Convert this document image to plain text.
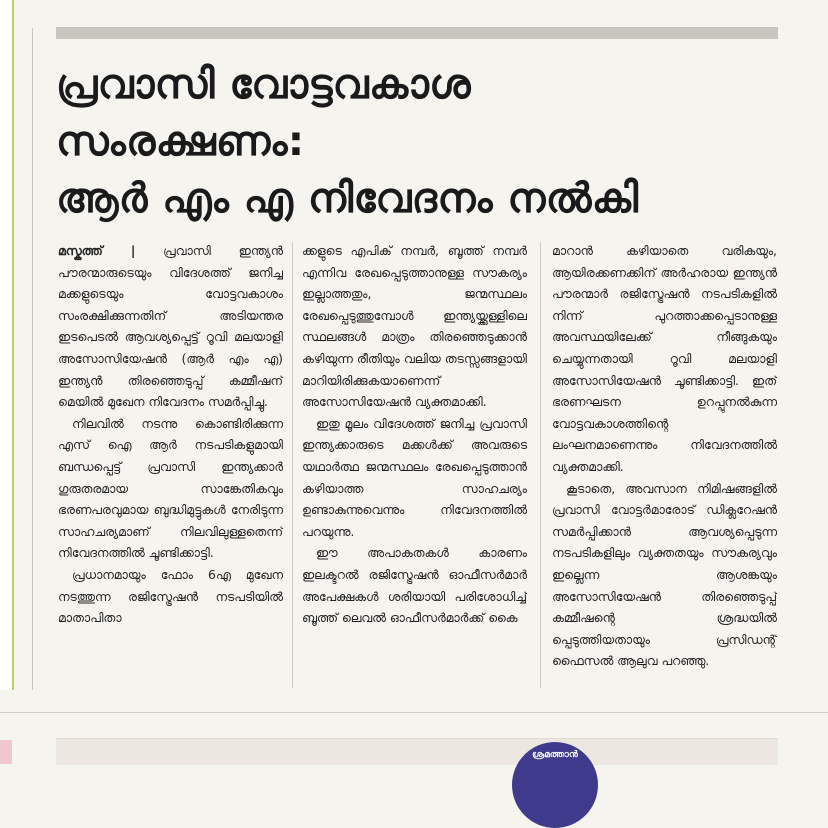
പ്രവാസി വോട്ടവകാശ
സംരക്ഷണം:
ആർ എം എ നിവേദനം നൽകി

മസ്കത്ത് | പ്രവാസി ഇന്ത്യൻ പൗരന്മാരുടെയും വിദേശത്ത് ജനിച്ച മക്കളുടെയും വോട്ടവകാശം സംരക്ഷിക്കുന്നതിന് അടിയന്തര ഇടപെടൽ ആവശ്യപ്പെട്ട് റൂവി മലയാളി അസോസിയേഷൻ (ആർ എം എ) ഇന്ത്യൻ തിരഞ്ഞെടുപ്പ് കമ്മീഷന് മെയിൽ മുഖേന നിവേദനം സമർപ്പിച്ചു.

നിലവിൽ നടന്നു കൊണ്ടിരിക്കുന്ന എസ് ഐ ആർ നടപടികളുമായി ബന്ധപ്പെട്ട് പ്രവാസി ഇന്ത്യക്കാർ ഗുരുതരമായ സാങ്കേതികവും ഭരണപരവുമായ ബുദ്ധിമുട്ടുകൾ നേരിടുന്ന സാഹചര്യമാണ് നിലവിലുള്ളതെന്ന് നിവേദനത്തിൽ ചൂണ്ടിക്കാട്ടി.

പ്രധാനമായും ഫോം 6എ മുഖേന നടത്തുന്ന രജിസ്ട്രേഷൻ നടപടിയിൽ മാതാപിതാ

ക്കളുടെ എപിക് നമ്പർ, ബൂത്ത് നമ്പർ എന്നിവ രേഖപ്പെടുത്താനുള്ള സൗകര്യം ഇല്ലാത്തതും, ജന്മസ്ഥലം രേഖപ്പെടുത്തുമ്പോൾ ഇന്ത്യയ്ക്കുള്ളിലെ സ്ഥലങ്ങൾ മാത്രം തിരഞ്ഞെടുക്കാൻ കഴിയുന്ന രീതിയും വലിയ തടസ്സങ്ങളായി മാറിയിരിക്കുകയാണെന്ന് അസോസിയേഷൻ വ്യക്തമാക്കി.

ഇതു മൂലം വിദേശത്ത് ജനിച്ച പ്രവാസി ഇന്ത്യക്കാരുടെ മക്കൾക്ക് അവരുടെ യഥാർത്ഥ ജന്മസ്ഥലം രേഖപ്പെടുത്താൻ കഴിയാത്ത സാഹചര്യം ഉണ്ടാകുന്നുവെന്നും നിവേദനത്തിൽ പറയുന്നു.

ഈ അപാകതകൾ കാരണം ഇലക്ടറൽ രജിസ്ട്രേഷൻ ഓഫീസർമാർ അപേക്ഷകൾ ശരിയായി പരിശോധിച്ച് ബൂത്ത് ലെവൽ ഓഫീസർമാർക്ക് കൈ

മാറാൻ കഴിയാതെ വരികയും, ആയിരക്കണക്കിന് അർഹരായ ഇന്ത്യൻ പൗരന്മാർ രജിസ്ട്രേഷൻ നടപടികളിൽ നിന്ന് പുറത്താക്കപ്പെടാനുള്ള അവസ്ഥയിലേക്ക് നീങ്ങുകയും ചെയ്യുന്നതായി റൂവി മലയാളി അസോസിയേഷൻ ചൂണ്ടിക്കാട്ടി. ഇത് ഭരണഘടന ഉറപ്പുനൽകുന്ന വോട്ടവകാശത്തിന്റെ ലംഘനമാണെന്നും നിവേദനത്തിൽ വ്യക്തമാക്കി.

കൂടാതെ, അവസാന നിമിഷങ്ങളിൽ പ്രവാസി വോട്ടർമാരോട് ഡിക്ലറേഷൻ സമർപ്പിക്കാൻ ആവശ്യപ്പെടുന്ന നടപടികളിലും വ്യക്തതയും സൗകര്യവും ഇല്ലെന്ന ആശങ്കയും അസോസിയേഷൻ തിരഞ്ഞെടുപ്പ് കമ്മീഷന്റെ ശ്രദ്ധയിൽ പ്പെടുത്തിയതായും പ്രസിഡന്റ് ഫൈസൽ ആലുവ പറഞ്ഞു.

ശ്രമത്താൻ
